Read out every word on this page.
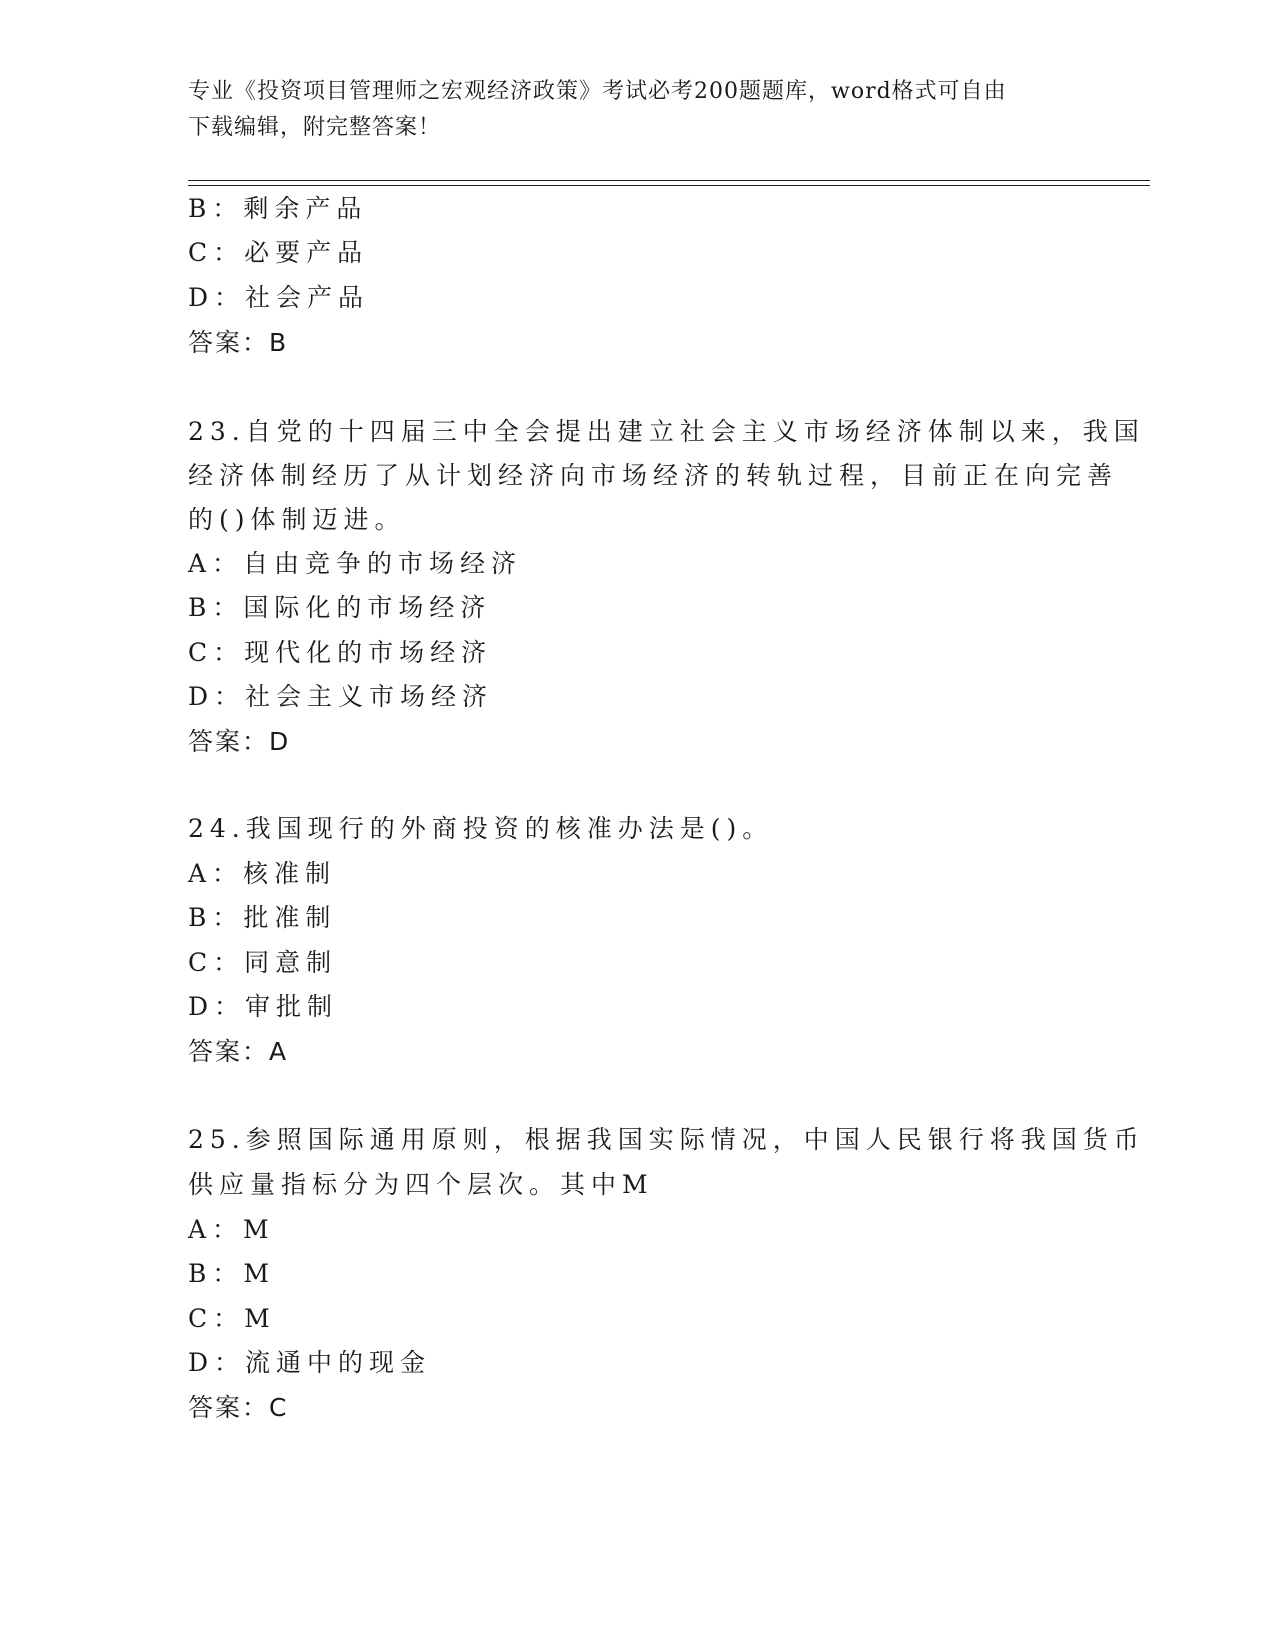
专业《投资项目管理师之宏观经济政策》考试必考200题题库，word格式可自由
下载编辑，附完整答案！
B：剩余产品
C：必要产品
D：社会产品
答案：B
23.自党的十四届三中全会提出建立社会主义市场经济体制以来，我国
经济体制经历了从计划经济向市场经济的转轨过程，目前正在向完善
的()体制迈进。
A：自由竞争的市场经济
B：国际化的市场经济
C：现代化的市场经济
D：社会主义市场经济
答案：D
24.我国现行的外商投资的核准办法是()。
A：核准制
B：批准制
C：同意制
D：审批制
答案：A
25.参照国际通用原则，根据我国实际情况，中国人民银行将我国货币
供应量指标分为四个层次。其中M
A：M
B：M
C：M
D：流通中的现金
答案：C
